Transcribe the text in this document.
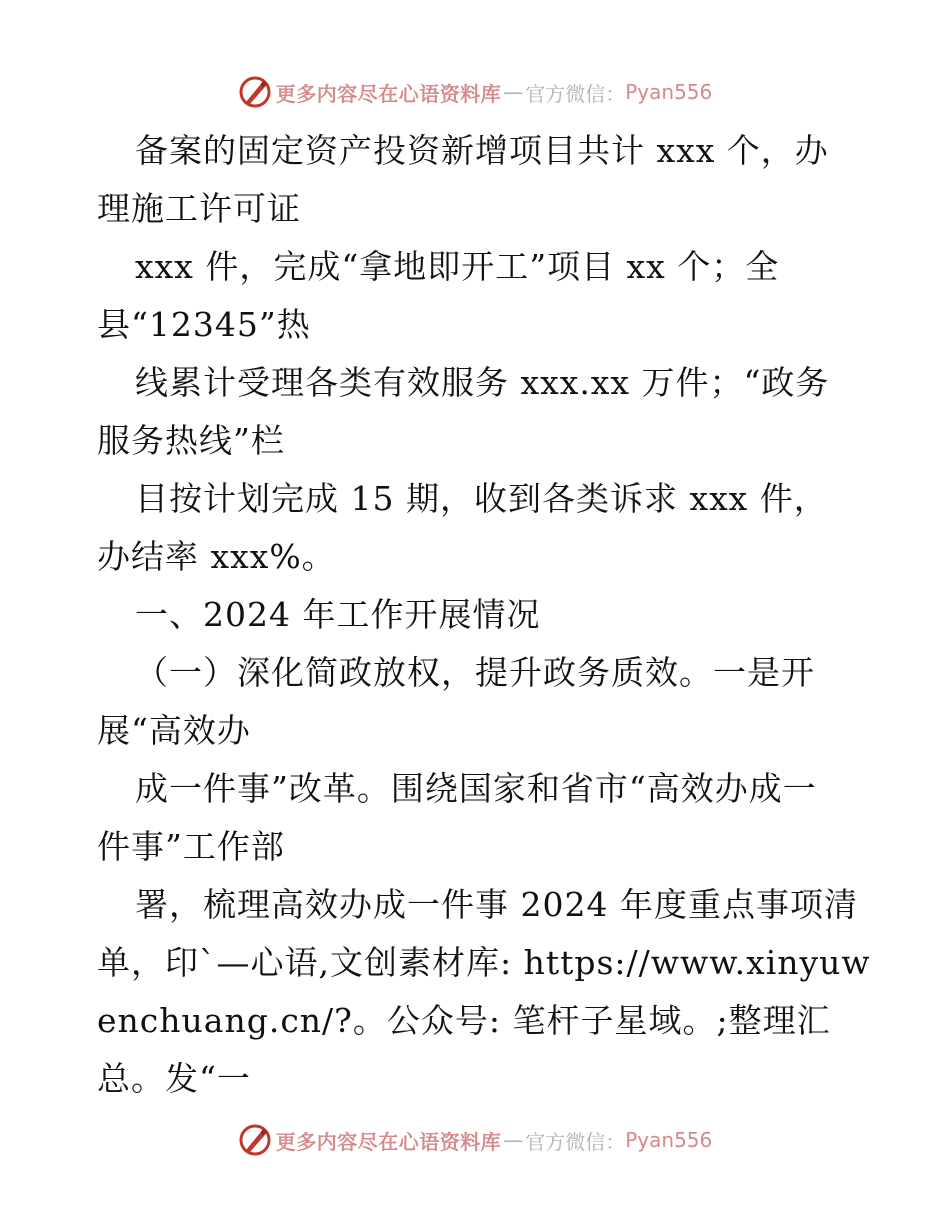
更多内容尽在心语资料库 — 官方微信： Pyan556
备案的固定资产投资新增项目共计 xxx 个，办
理施工许可证
xxx 件，完成“拿地即开工”项目 xx 个；全
县“12345”热
线累计受理各类有效服务 xxx.xx 万件；“政务
服务热线”栏
目按计划完成 15 期，收到各类诉求 xxx 件，
办结率 xxx%。
一、2024 年工作开展情况
（一）深化简政放权，提升政务质效。一是开
展“高效办
成一件事”改革。围绕国家和省市“高效办成一
件事”工作部
署，梳理高效办成一件事 2024 年度重点事项清
单，印`—心语,文创素材库: https://www.xinyuw
enchuang.cn/?。公众号: 笔杆子星域。;整理汇
总。发“一
更多内容尽在心语资料库 — 官方微信： Pyan556
